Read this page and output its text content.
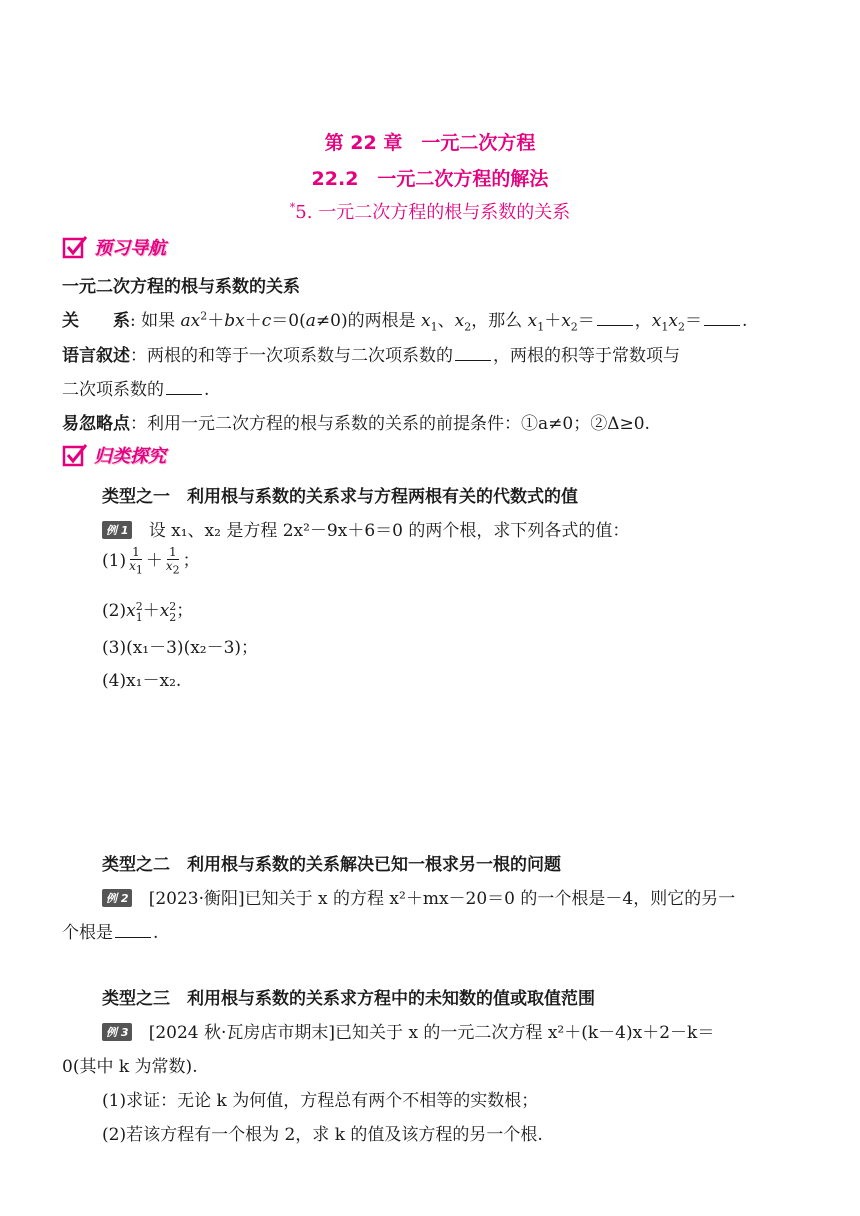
第 22 章　一元二次方程
22.2　一元二次方程的解法
*5. 一元二次方程的根与系数的关系
预习导航
一元二次方程的根与系数的关系
关　　系: 如果 $ax^2+bx+c=0(a\ne 0)$的两根是 $x_1$、$x_2$，那么 $x_1+x_2=$ ，$x_1x_2=$ .
语言叙述：两根的和等于一次项系数与二次项系数的 ，两根的积等于常数项与
二次项系数的 .
易忽略点：利用一元二次方程的根与系数的关系的前提条件：①a≠0；②Δ≥0.
归类探究
类型之一　利用根与系数的关系求与方程两根有关的代数式的值
例 1 设 x₁、x₂ 是方程 2x²－9x＋6＝0 的两个根，求下列各式的值：
$(1) \frac{1}{x_1} + \frac{1}{x_2}$ ；
(2)x 2
1 ＋x 2
2 ；
(3)(x₁－3)(x₂－3)；
(4)x₁－x₂.
类型之二　利用根与系数的关系解决已知一根求另一根的问题
例 2 [2023·衡阳]已知关于 x 的方程 x²＋mx－20＝0 的一个根是－4，则它的另一
个根是 .
类型之三　利用根与系数的关系求方程中的未知数的值或取值范围
例 3 [2024 秋·瓦房店市期末]已知关于 x 的一元二次方程 x²＋(k－4)x＋2－k＝
0(其中 k 为常数).
(1)求证：无论 k 为何值，方程总有两个不相等的实数根；
(2)若该方程有一个根为 2，求 k 的值及该方程的另一个根.
